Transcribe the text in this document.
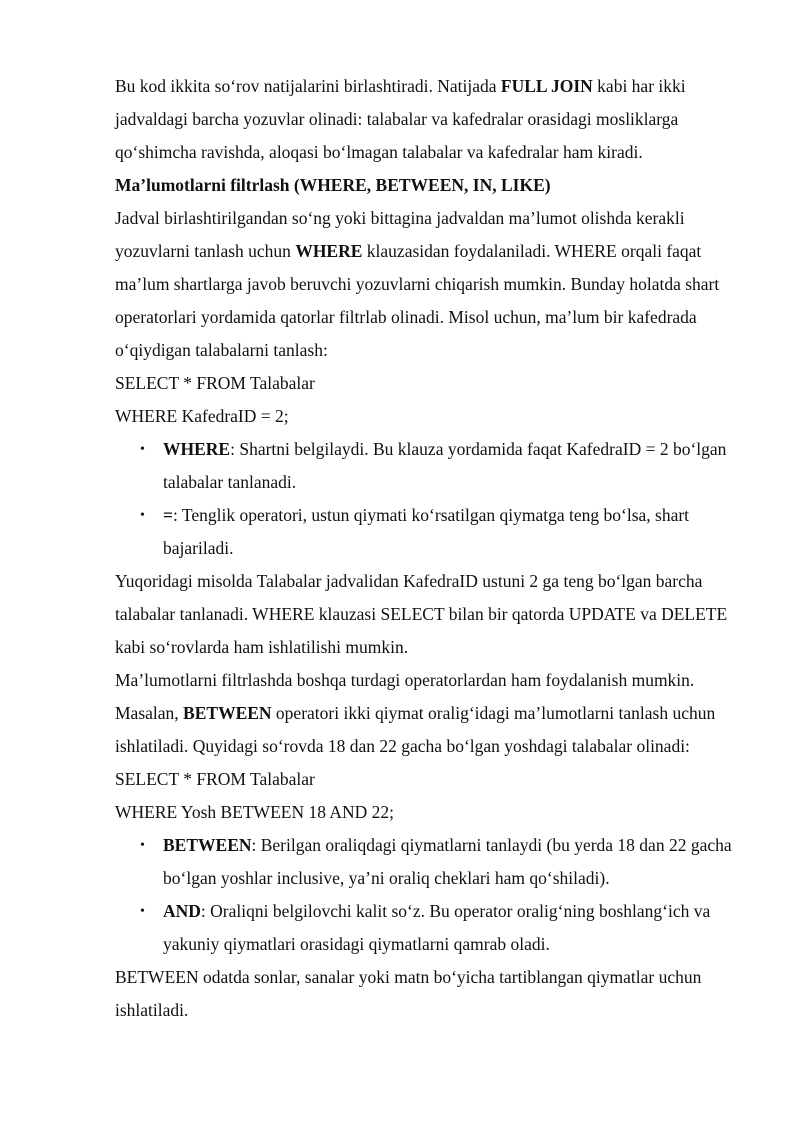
Bu kod ikkita so‘rov natijalarini birlashtiradi. Natijada FULL JOIN kabi har ikki jadvaldagi barcha yozuvlar olinadi: talabalar va kafedralar orasidagi mosliklarga qo‘shimcha ravishda, aloqasi bo‘lmagan talabalar va kafedralar ham kiradi.

Ma’lumotlarni filtrlash (WHERE, BETWEEN, IN, LIKE)

Jadval birlashtirilgandan so‘ng yoki bittagina jadvaldan ma’lumot olishda kerakli yozuvlarni tanlash uchun WHERE klauzasidan foydalaniladi. WHERE orqali faqat ma’lum shartlarga javob beruvchi yozuvlarni chiqarish mumkin. Bunday holatda shart operatorlari yordamida qatorlar filtrlab olinadi. Misol uchun, ma’lum bir kafedrada o‘qiydigan talabalarni tanlash:

SELECT * FROM Talabalar

WHERE KafedraID = 2;

• WHERE: Shartni belgilaydi. Bu klauza yordamida faqat KafedraID = 2 bo‘lgan talabalar tanlanadi.
• =: Tenglik operatori, ustun qiymati ko‘rsatilgan qiymatga teng bo‘lsa, shart bajariladi.

Yuqoridagi misolda Talabalar jadvalidan KafedraID ustuni 2 ga teng bo‘lgan barcha talabalar tanlanadi. WHERE klauzasi SELECT bilan bir qatorda UPDATE va DELETE kabi so‘rovlarda ham ishlatilishi mumkin.

Ma’lumotlarni filtrlashda boshqa turdagi operatorlardan ham foydalanish mumkin. Masalan, BETWEEN operatori ikki qiymat oralig‘idagi ma’lumotlarni tanlash uchun ishlatiladi. Quyidagi so‘rovda 18 dan 22 gacha bo‘lgan yoshdagi talabalar olinadi:

SELECT * FROM Talabalar

WHERE Yosh BETWEEN 18 AND 22;

• BETWEEN: Berilgan oraliqdagi qiymatlarni tanlaydi (bu yerda 18 dan 22 gacha bo‘lgan yoshlar inclusive, ya’ni oraliq cheklari ham qo‘shiladi).
• AND: Oraliqni belgilovchi kalit so‘z. Bu operator oralig‘ning boshlang‘ich va yakuniy qiymatlari orasidagi qiymatlarni qamrab oladi.

BETWEEN odatda sonlar, sanalar yoki matn bo‘yicha tartiblangan qiymatlar uchun ishlatiladi.
